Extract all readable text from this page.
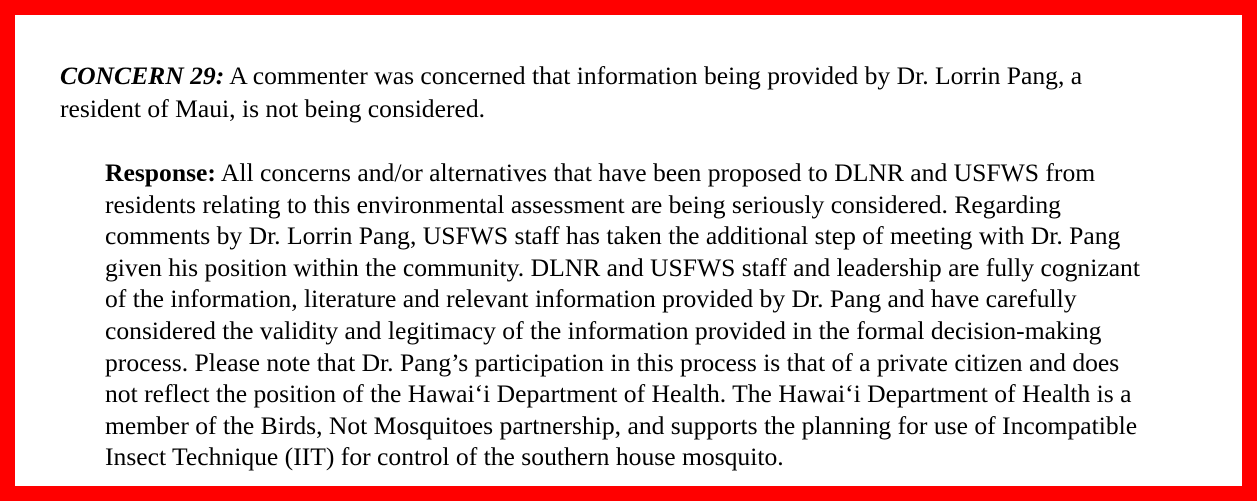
CONCERN 29: A commenter was concerned that information being provided by Dr. Lorrin Pang, a
resident of Maui, is not being considered.

Response: All concerns and/or alternatives that have been proposed to DLNR and USFWS from
residents relating to this environmental assessment are being seriously considered. Regarding
comments by Dr. Lorrin Pang, USFWS staff has taken the additional step of meeting with Dr. Pang
given his position within the community. DLNR and USFWS staff and leadership are fully cognizant
of the information, literature and relevant information provided by Dr. Pang and have carefully
considered the validity and legitimacy of the information provided in the formal decision-making
process. Please note that Dr. Pang’s participation in this process is that of a private citizen and does
not reflect the position of the Hawai‘i Department of Health. The Hawai‘i Department of Health is a
member of the Birds, Not Mosquitoes partnership, and supports the planning for use of Incompatible
Insect Technique (IIT) for control of the southern house mosquito.
